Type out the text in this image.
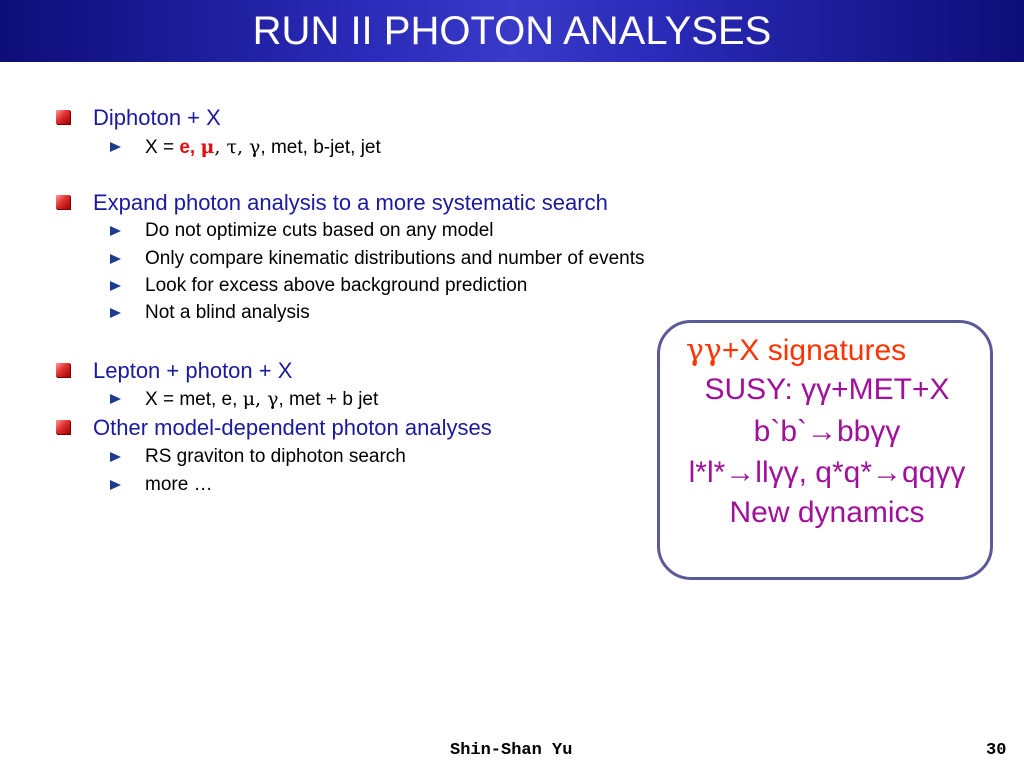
RUN II PHOTON ANALYSES
Diphoton + X
X = e, μ, τ, γ, met, b-jet, jet
Expand photon analysis to a more systematic search
Do not optimize cuts based on any model
Only compare kinematic distributions and number of events
Look for excess above background prediction
Not a blind analysis
Lepton + photon + X
X = met, e, μ, γ, met + b jet
Other model-dependent photon analyses
RS graviton to diphoton search
more …
γγ+X signatures
SUSY: γγ+MET+X
b`b`→bbγγ
l*l*→llγγ, q*q*→qqγγ
New dynamics
Shin-Shan Yu	30
